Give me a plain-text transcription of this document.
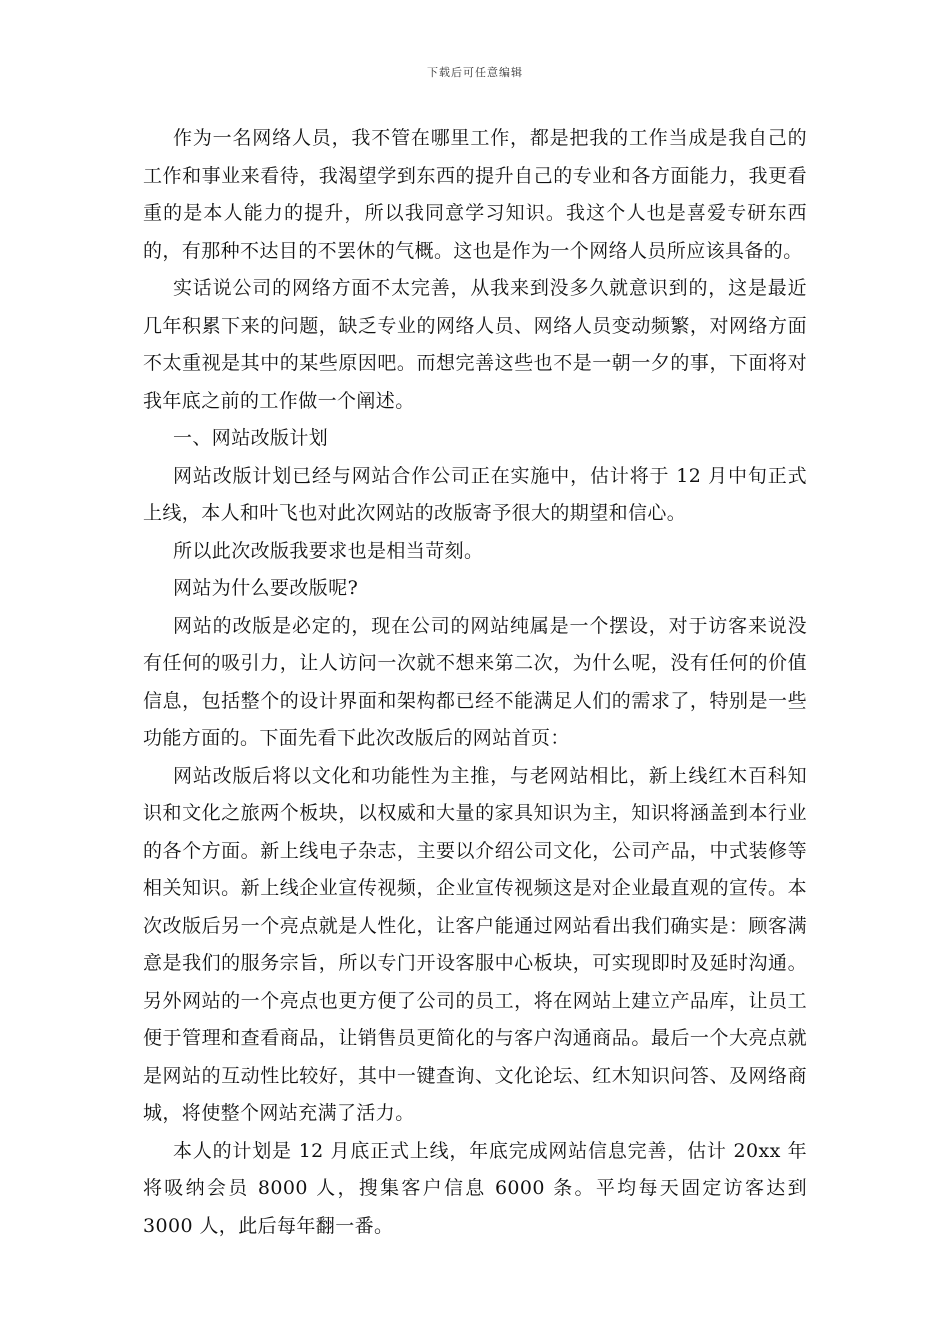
下载后可任意编辑

作为一名网络人员，我不管在哪里工作，都是把我的工作当成是我自己的工作和事业来看待，我渴望学到东西的提升自己的专业和各方面能力，我更看重的是本人能力的提升，所以我同意学习知识。我这个人也是喜爱专研东西的，有那种不达目的不罢休的气概。这也是作为一个网络人员所应该具备的。

实话说公司的网络方面不太完善，从我来到没多久就意识到的，这是最近几年积累下来的问题，缺乏专业的网络人员、网络人员变动频繁，对网络方面不太重视是其中的某些原因吧。而想完善这些也不是一朝一夕的事，下面将对我年底之前的工作做一个阐述。

一、网站改版计划

网站改版计划已经与网站合作公司正在实施中，估计将于 12 月中旬正式上线，本人和叶飞也对此次网站的改版寄予很大的期望和信心。

所以此次改版我要求也是相当苛刻。

网站为什么要改版呢?

网站的改版是必定的，现在公司的网站纯属是一个摆设，对于访客来说没有任何的吸引力，让人访问一次就不想来第二次，为什么呢，没有任何的价值信息，包括整个的设计界面和架构都已经不能满足人们的需求了，特别是一些功能方面的。下面先看下此次改版后的网站首页：

网站改版后将以文化和功能性为主推，与老网站相比，新上线红木百科知识和文化之旅两个板块，以权威和大量的家具知识为主，知识将涵盖到本行业的各个方面。新上线电子杂志，主要以介绍公司文化，公司产品，中式装修等相关知识。新上线企业宣传视频，企业宣传视频这是对企业最直观的宣传。本次改版后另一个亮点就是人性化，让客户能通过网站看出我们确实是：顾客满意是我们的服务宗旨，所以专门开设客服中心板块，可实现即时及延时沟通。另外网站的一个亮点也更方便了公司的员工，将在网站上建立产品库，让员工便于管理和查看商品，让销售员更简化的与客户沟通商品。最后一个大亮点就是网站的互动性比较好，其中一键查询、文化论坛、红木知识问答、及网络商城，将使整个网站充满了活力。

本人的计划是 12 月底正式上线，年底完成网站信息完善，估计 20xx 年将吸纳会员 8000 人，搜集客户信息 6000 条。平均每天固定访客达到 3000 人，此后每年翻一番。
